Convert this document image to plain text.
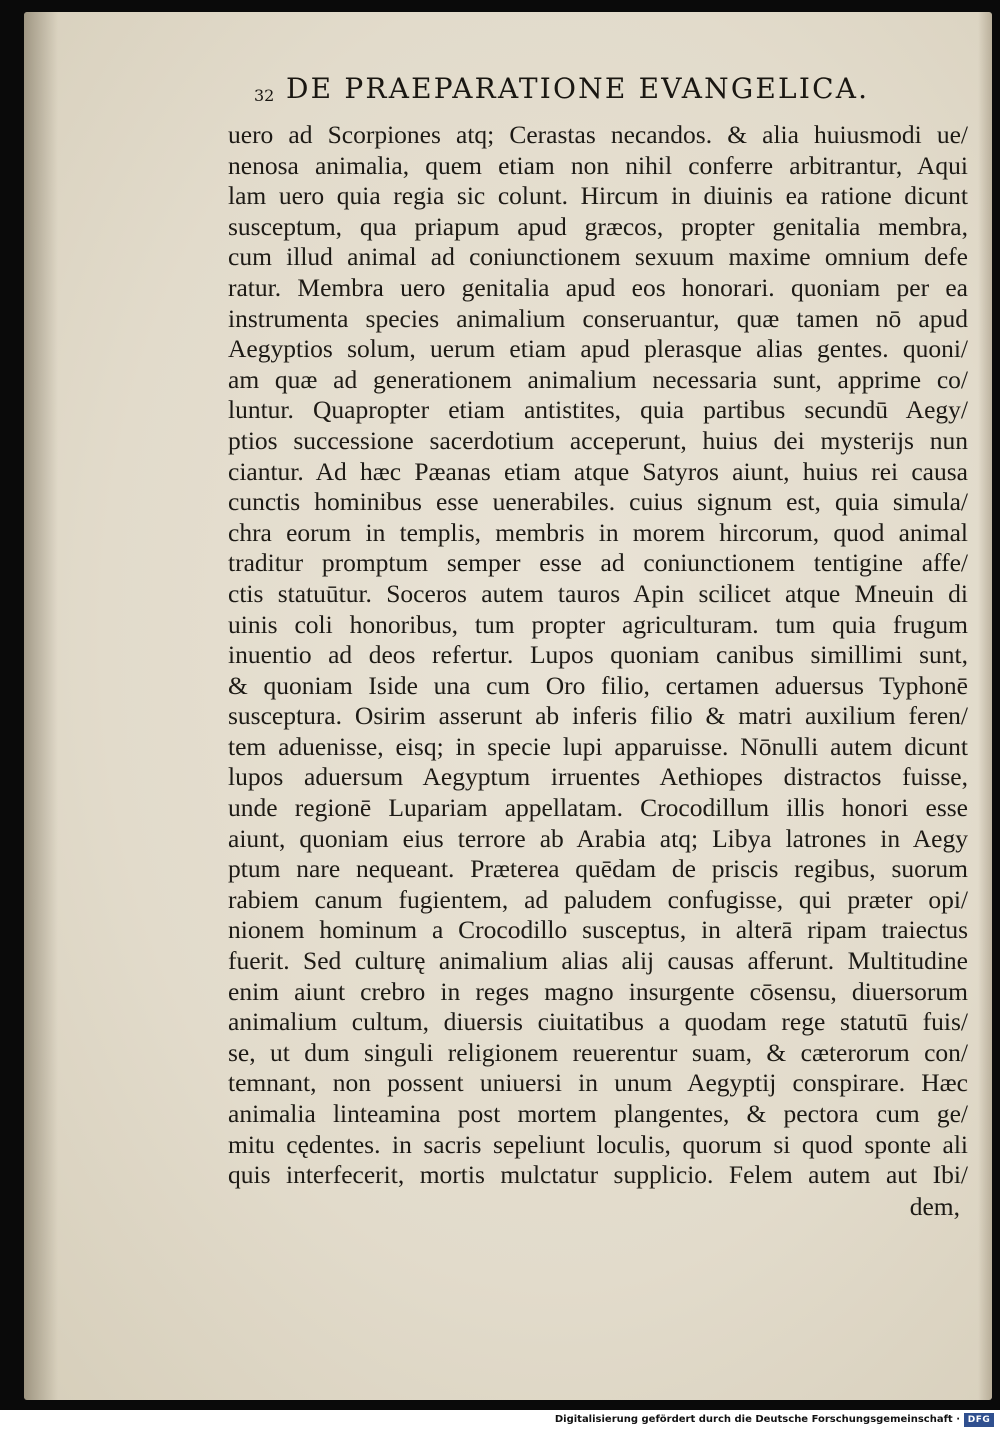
32 DE PRAEPARATIONE EVANGELICA.
uero ad Scorpiones atq; Cerastas necandos. & alia huiusmodi ue/
nenosa animalia, quem etiam non nihil conferre arbitrantur, Aqui
lam uero quia regia sic colunt. Hircum in diuinis ea ratione dicunt
susceptum, qua priapum apud græcos, propter genitalia membra,
cum illud animal ad coniunctionem sexuum maxime omnium defe
ratur. Membra uero genitalia apud eos honorari. quoniam per ea
instrumenta species animalium conseruantur, quæ tamen nō apud
Aegyptios solum, uerum etiam apud plerasque alias gentes. quoni/
am quæ ad generationem animalium necessaria sunt, apprime co/
luntur. Quapropter etiam antistites, quia partibus secundū Aegy/
ptios successione sacerdotium acceperunt, huius dei mysterijs nun
ciantur. Ad hæc Pæanas etiam atque Satyros aiunt, huius rei causa
cunctis hominibus esse uenerabiles. cuius signum est, quia simula/
chra eorum in templis, membris in morem hircorum, quod animal
traditur promptum semper esse ad coniunctionem tentigine affe/
ctis statuūtur. Soceros autem tauros Apin scilicet atque Mneuin di
uinis coli honoribus, tum propter agriculturam. tum quia frugum
inuentio ad deos refertur. Lupos quoniam canibus simillimi sunt,
& quoniam Iside una cum Oro filio, certamen aduersus Typhonē
susceptura. Osirim asserunt ab inferis filio & matri auxilium feren/
tem aduenisse, eisq; in specie lupi apparuisse. Nōnulli autem dicunt
lupos aduersum Aegyptum irruentes Aethiopes distractos fuisse,
unde regionē Lupariam appellatam. Crocodillum illis honori esse
aiunt, quoniam eius terrore ab Arabia atq; Libya latrones in Aegy
ptum nare nequeant. Præterea quēdam de priscis regibus, suorum
rabiem canum fugientem, ad paludem confugisse, qui præter opi/
nionem hominum a Crocodillo susceptus, in alterā ripam traiectus
fuerit. Sed culturę animalium alias alij causas afferunt. Multitudine
enim aiunt crebro in reges magno insurgente cōsensu, diuersorum
animalium cultum, diuersis ciuitatibus a quodam rege statutū fuis/
se, ut dum singuli religionem reuerentur suam, & cæterorum con/
temnant, non possent uniuersi in unum Aegyptij conspirare. Hæc
animalia linteamina post mortem plangentes, & pectora cum ge/
mitu cędentes. in sacris sepeliunt loculis, quorum si quod sponte ali
quis interfecerit, mortis mulctatur supplicio. Felem autem aut Ibi/
dem,
Digitalisierung gefördert durch die Deutsche Forschungsgemeinschaft · DFG
